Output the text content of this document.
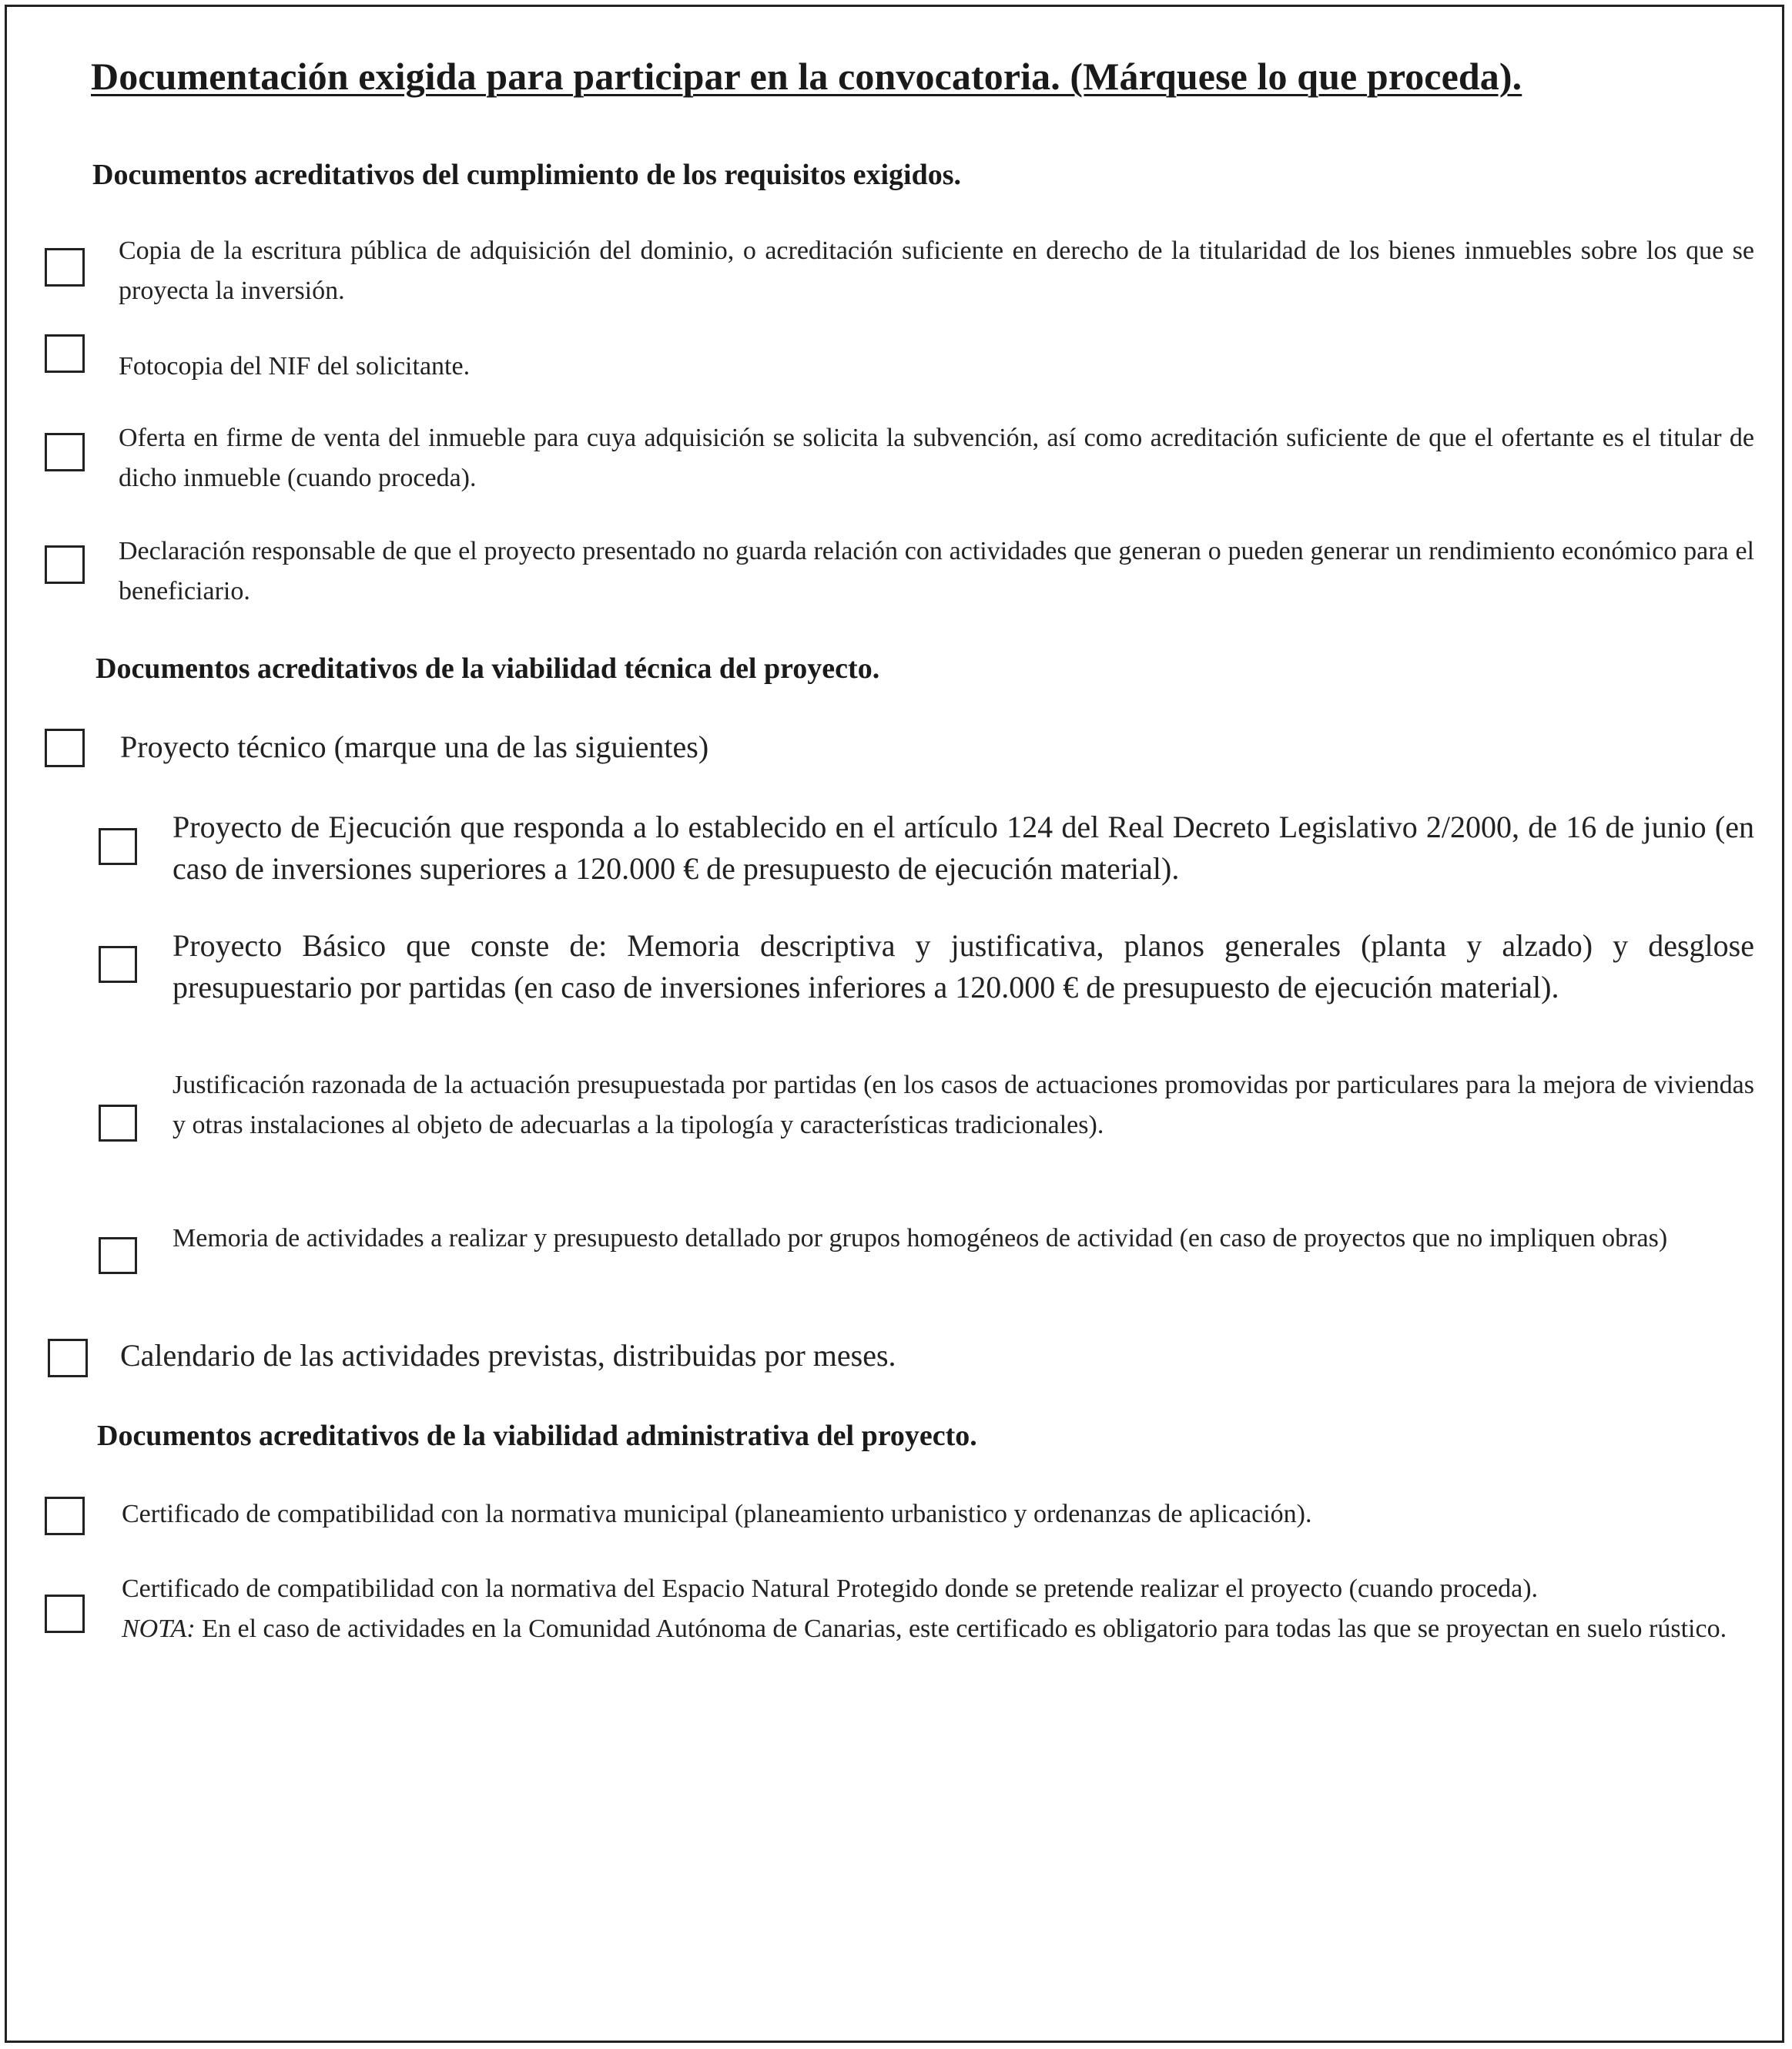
Documentación exigida para participar en la convocatoria. (Márquese lo que proceda).
Documentos acreditativos del cumplimiento de los requisitos exigidos.
Copia de la escritura pública de adquisición del dominio, o acreditación suficiente en derecho de la titularidad de los bienes inmuebles sobre los que se proyecta la inversión.
Fotocopia del NIF del solicitante.
Oferta en firme de venta del inmueble para cuya adquisición se solicita la subvención, así como acreditación suficiente de que el ofertante es el titular de dicho inmueble (cuando proceda).
Declaración responsable de que el proyecto presentado no guarda relación con actividades que generan o pueden generar un rendimiento económico para el beneficiario.
Documentos acreditativos de la viabilidad técnica del proyecto.
Proyecto técnico (marque una de las siguientes)
Proyecto de Ejecución que responda a lo establecido en el artículo 124 del Real Decreto Legislativo 2/2000, de 16 de junio (en caso de inversiones superiores a 120.000 € de presupuesto de ejecución material).
Proyecto Básico que conste de: Memoria descriptiva y justificativa, planos generales (planta y alzado) y desglose presupuestario por partidas (en caso de inversiones inferiores a 120.000 € de presupuesto de ejecución material).
Justificación razonada de la actuación presupuestada por partidas (en los casos de actuaciones promovidas por particulares para la mejora de viviendas y otras instalaciones al objeto de adecuarlas a la tipología y características tradicionales).
Memoria de actividades a realizar y presupuesto detallado por grupos homogéneos de actividad (en caso de proyectos que no impliquen obras)
Calendario de las actividades previstas, distribuidas por meses.
Documentos acreditativos de la viabilidad administrativa del proyecto.
Certificado de compatibilidad con la normativa municipal (planeamiento urbanistico y ordenanzas de aplicación).
Certificado de compatibilidad con la normativa del Espacio Natural Protegido donde se pretende realizar el proyecto (cuando proceda).
NOTA: En el caso de actividades en la Comunidad Autónoma de Canarias, este certificado es obligatorio para todas las que se proyectan en suelo rústico.
